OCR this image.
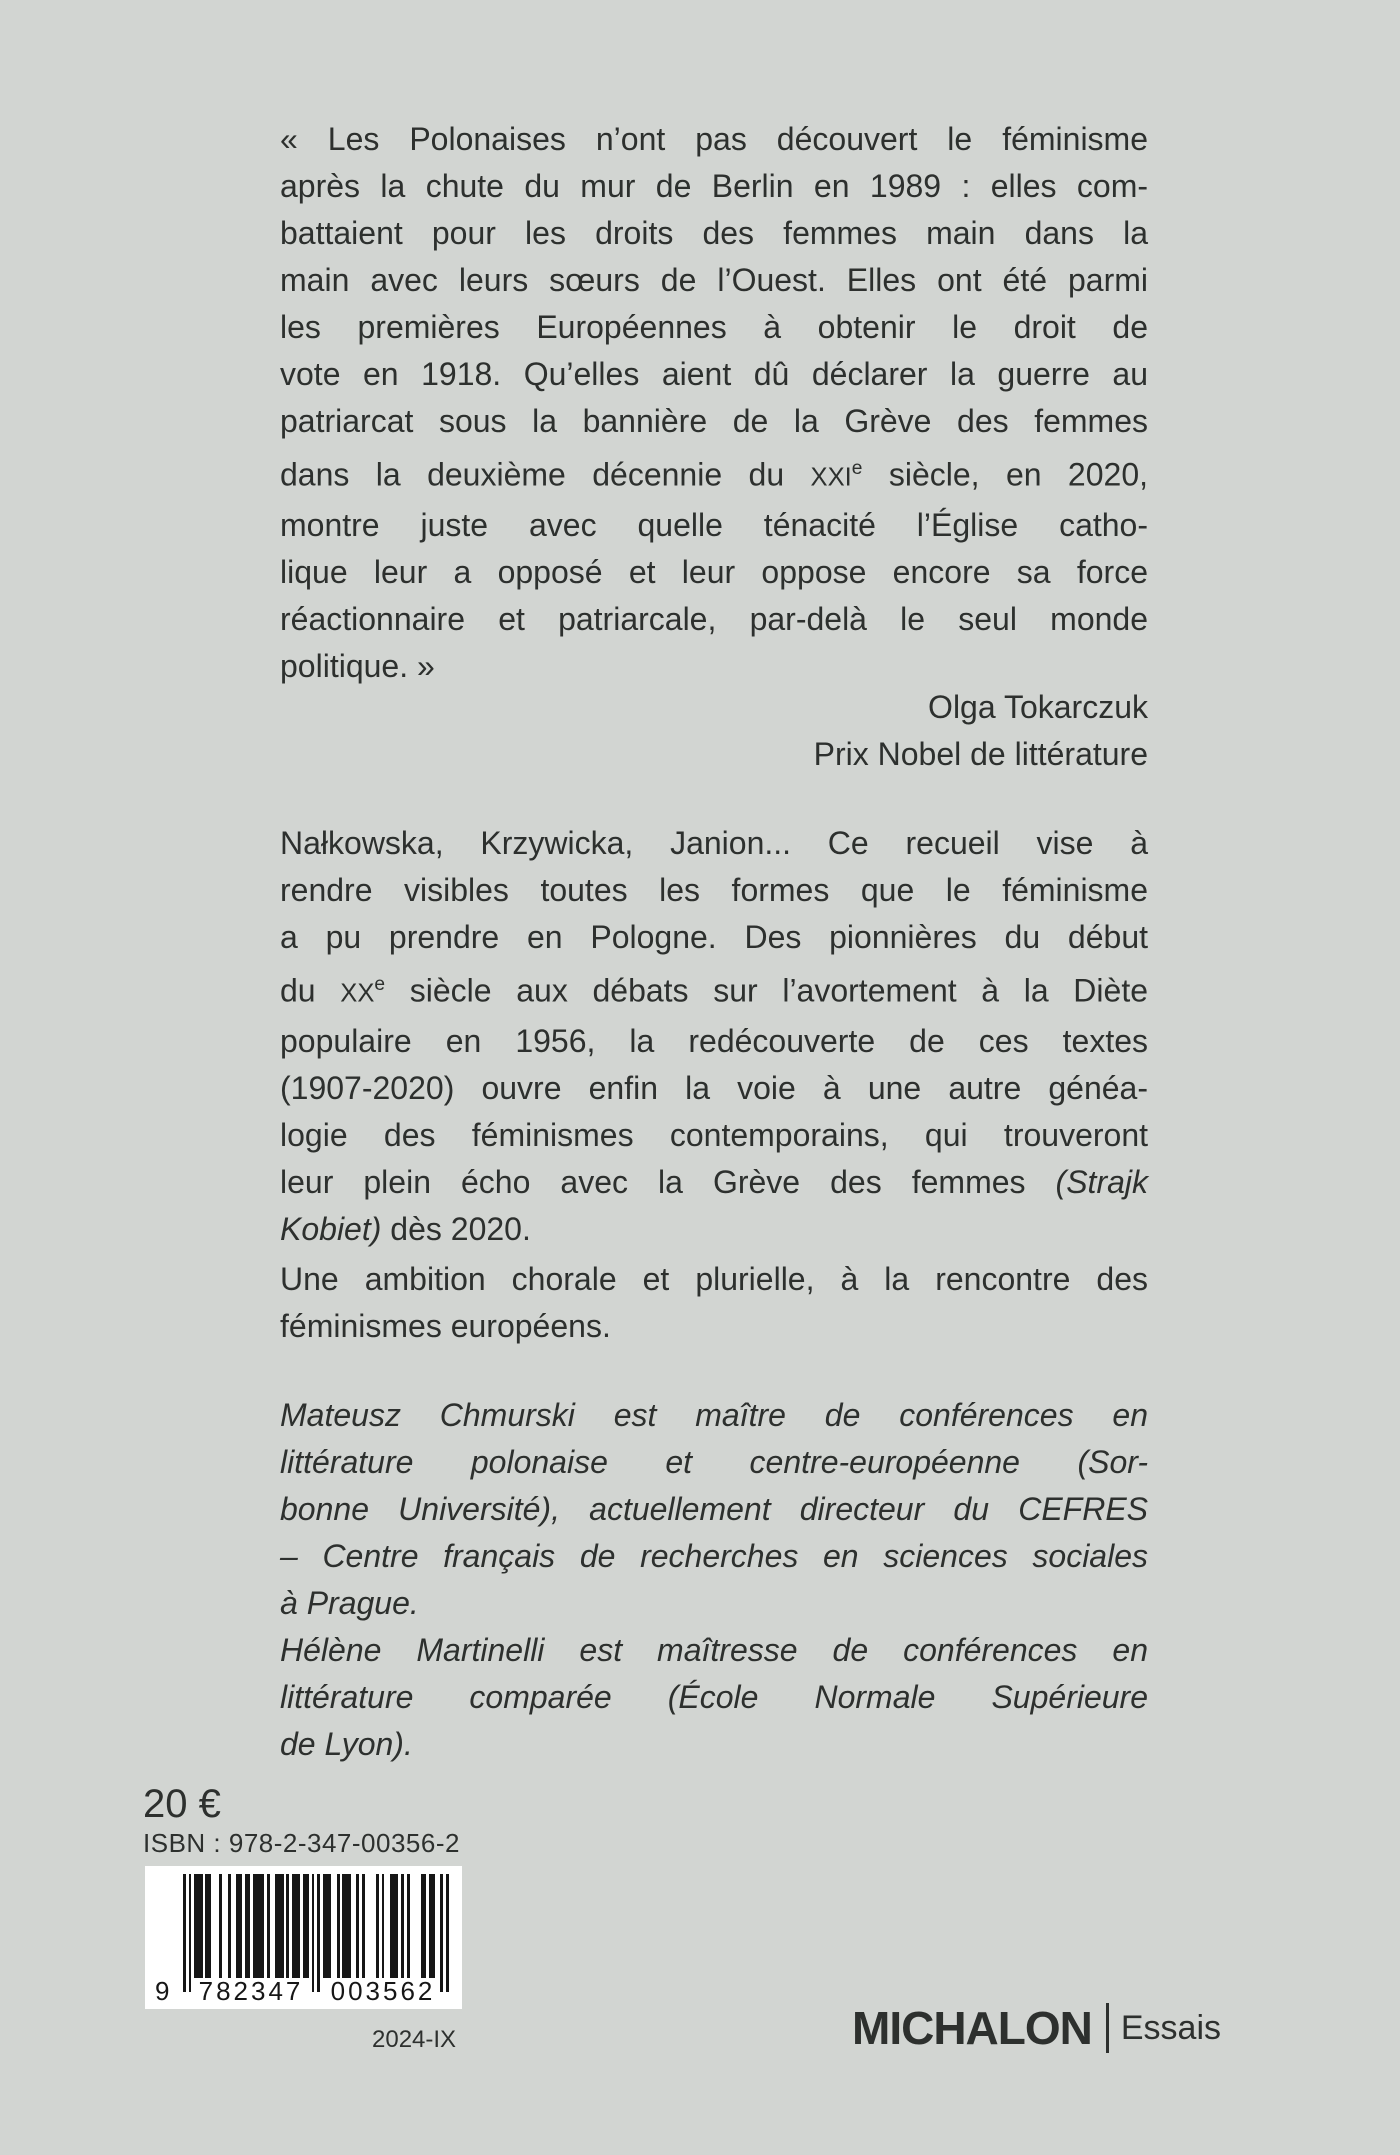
« Les Polonaises n’ont pas découvert le féminisme
après la chute du mur de Berlin en 1989 : elles com-
battaient pour les droits des femmes main dans la
main avec leurs sœurs de l’Ouest. Elles ont été parmi
les premières Européennes à obtenir le droit de
vote en 1918. Qu’elles aient dû déclarer la guerre au
patriarcat sous la bannière de la Grève des femmes
dans la deuxième décennie du XXIe siècle, en 2020,
montre juste avec quelle ténacité l’Église catho-
lique leur a opposé et leur oppose encore sa force
réactionnaire et patriarcale, par-delà le seul monde
politique. »
Olga Tokarczuk
Prix Nobel de littérature
Nałkowska, Krzywicka, Janion... Ce recueil vise à
rendre visibles toutes les formes que le féminisme
a pu prendre en Pologne. Des pionnières du début
du XXe siècle aux débats sur l’avortement à la Diète
populaire en 1956, la redécouverte de ces textes
(1907-2020) ouvre enfin la voie à une autre généa-
logie des féminismes contemporains, qui trouveront
leur plein écho avec la Grève des femmes (Strajk
Kobiet) dès 2020.
Une ambition chorale et plurielle, à la rencontre des
féminismes européens.
Mateusz Chmurski est maître de conférences en
littérature polonaise et centre-européenne (Sor-
bonne Université), actuellement directeur du CEFRES
– Centre français de recherches en sciences sociales
à Prague.
Hélène Martinelli est maîtresse de conférences en
littérature comparée (École Normale Supérieure
de Lyon).
20 €
ISBN : 978-2-347-00356-2
9 782347 003562
2024-IX	MICHALON Essais
